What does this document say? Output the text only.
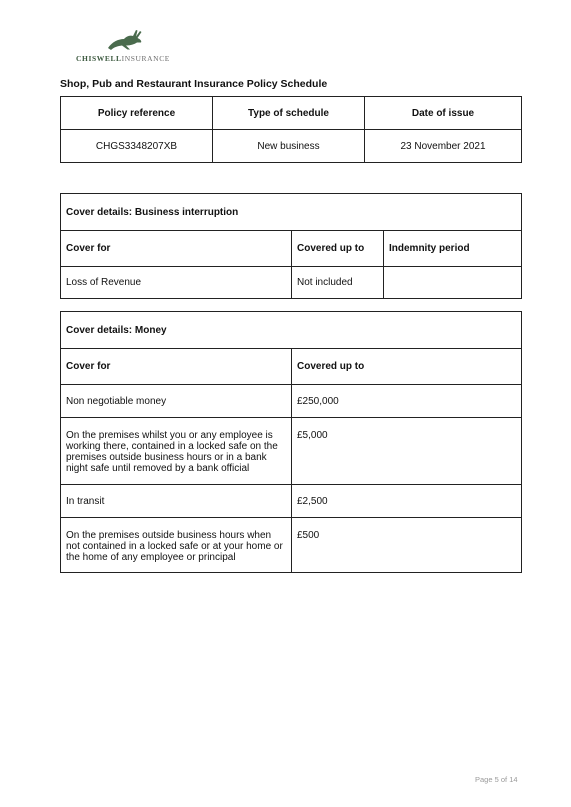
CHISWELLINSURANCE
Shop, Pub and Restaurant Insurance Policy Schedule
Policy reference	Type of schedule	Date of issue
CHGS3348207XB	New business	23 November 2021
Cover details: Business interruption		
Cover for	Covered up to	Indemnity period
Loss of Revenue	Not included	
Cover details: Money	
Cover for	Covered up to
Non negotiable money	£250,000
On the premises whilst you or any employee is working there, contained in a locked safe on the premises outside business hours or in a bank night safe until removed by a bank official	£5,000
In transit	£2,500
On the premises outside business hours when not contained in a locked safe or at your home or the home of any employee or principal	£500
Page 5 of 14
